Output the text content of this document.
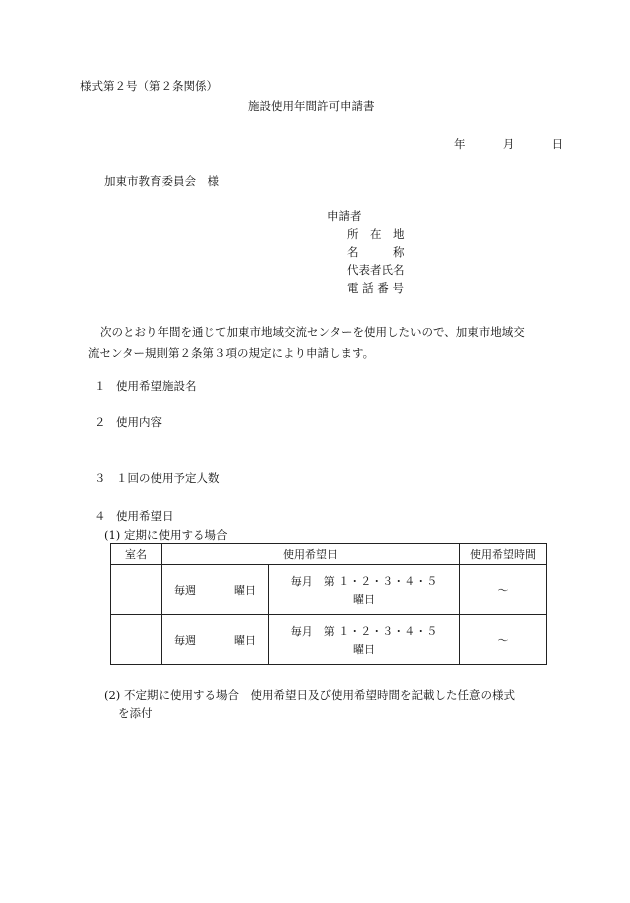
様式第２号（第２条関係）
施設使用年間許可申請書
年	月	日
加東市教育委員会　様
申請者
所　在　地
名　　　称
代表者氏名
電 話 番 号

次のとおり年間を通じて加東市地域交流センターを使用したいので、加東市地域交

流センター規則第２条第３項の規定により申請します。

１ 使用希望施設名
２ 使用内容
３ １回の使用予定人数
４ 使用希望日
(1) 定期に使用する場合
室名	使用希望日		使用希望時間

	毎週 曜日	毎月　第 １・２・３・４・５
曜日	～

	毎週 曜日	毎月　第 １・２・３・４・５
曜日	～

(2) 不定期に使用する場合　使用希望日及び使用希望時間を記載した任意の様式

を添付
